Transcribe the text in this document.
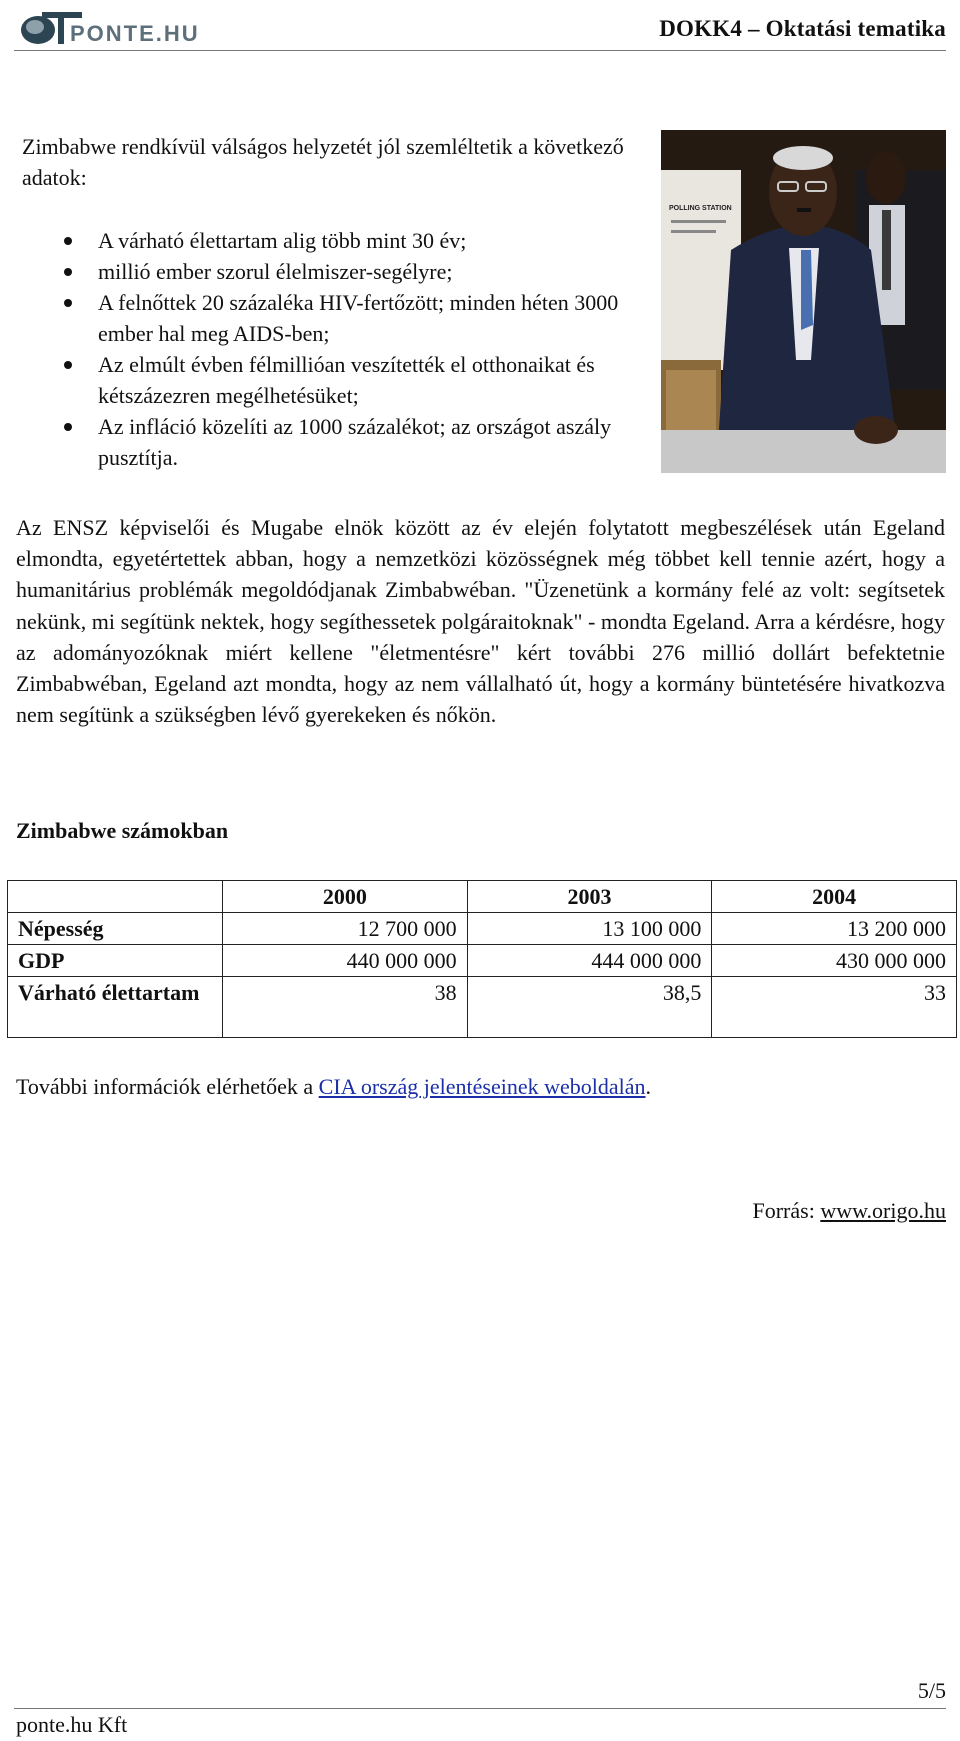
PONTE.HU	DOKK4 – Oktatási tematika

Zimbabwe rendkívül válságos helyzetét jól szemléltetik a következő adatok:

A várható élettartam alig több mint 30 év;
millió ember szorul élelmiszer-segélyre;
A felnőttek 20 százaléka HIV-fertőzött; minden héten 3000 ember hal meg AIDS-ben;
Az elmúlt évben félmillióan veszítették el otthonaikat és kétszázezren megélhetésüket;
Az infláció közelíti az 1000 százalékot; az országot aszály pusztítja.
POLLING STATION

Az ENSZ képviselői és Mugabe elnök között az év elején folytatott megbeszélések után Egeland elmondta, egyetértettek abban, hogy a nemzetközi közösségnek még többet kell tennie azért, hogy a humanitárius problémák megoldódjanak Zimbabwéban. "Üzenetünk a kormány felé az volt: segítsetek nekünk, mi segítünk nektek, hogy segíthessetek polgáraitoknak" - mondta Egeland. Arra a kérdésre, hogy az adományozóknak miért kellene "életmentésre" kért további 276 millió dollárt befektetnie Zimbabwéban, Egeland azt mondta, hogy az nem vállalható út, hogy a kormány büntetésére hivatkozva nem segítünk a szükségben lévő gyerekeken és nőkön.

Zimbabwe számokban
	2000	2003	2004
Népesség	12 700 000	13 100 000	13 200 000
GDP	440 000 000	444 000 000	430 000 000
Várható élettartam	38	38,5	33

További információk elérhetőek a CIA ország jelentéseinek weboldalán.

Forrás: www.origo.hu

5/5
ponte.hu Kft
